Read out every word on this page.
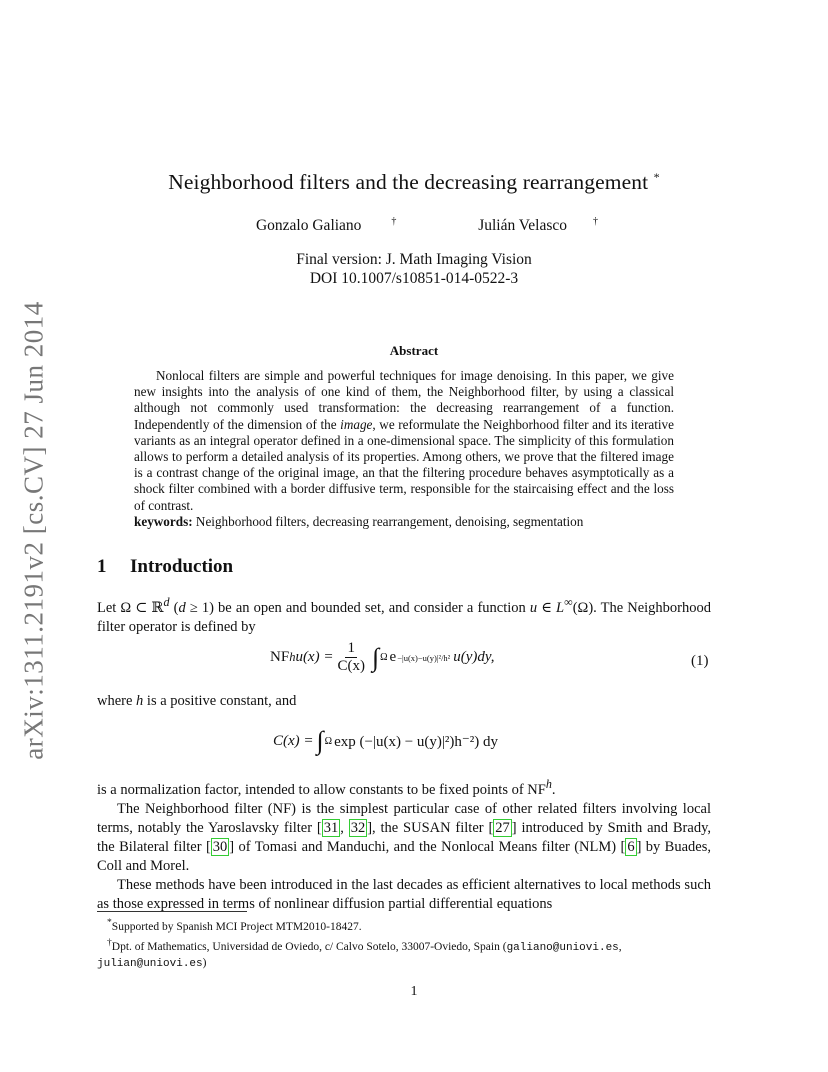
arXiv:1311.2191v2 [cs.CV] 27 Jun 2014
Neighborhood filters and the decreasing rearrangement *
Gonzalo Galiano	†	Julián Velasco	†
Final version: J. Math Imaging Vision
DOI 10.1007/s10851-014-0522-3
Abstract

Nonlocal filters are simple and powerful techniques for image denoising. In this paper, we give new insights into the analysis of one kind of them, the Neighborhood filter, by using a classical although not commonly used transformation: the decreasing rearrangement of a function. Independently of the dimension of the image, we reformulate the Neighborhood filter and its iterative variants as an integral operator defined in a one-dimensional space. The simplicity of this formulation allows to perform a detailed analysis of its properties. Among others, we prove that the filtered image is a contrast change of the original image, an that the filtering procedure behaves asymptotically as a shock filter combined with a border diffusive term, responsible for the staircaising effect and the loss of contrast.

keywords: Neighborhood filters, decreasing rearrangement, denoising, segmentation

1 Introduction

Let Ω ⊂ ℝ$^d$ (d ≥ 1) be an open and bounded set, and consider a function u ∈ L∞(Ω). The Neighborhood filter operator is defined by

NF h $u(x) = \frac{1}{C(x)}$ ∫ Ω e −|u(x)−u(y)|²/h² u(y)dy,	(1)

where h is a positive constant, and

C(x) = ∫ Ω exp (−|u(x) − u(y)|²)h⁻²) dy

is a normalization factor, intended to allow constants to be fixed points of $NF^h$.

The Neighborhood filter (NF) is the simplest particular case of other related filters involving local terms, notably the Yaroslavsky filter [ 31 , 32 ], the SUSAN filter [ 27 ] introduced by Smith and Brady, the Bilateral filter [ 30 ] of Tomasi and Manduchi, and the Nonlocal Means filter (NLM) [ 6 ] by Buades, Coll and Morel.

These methods have been introduced in the last decades as efficient alternatives to local methods such as those expressed in terms of nonlinear diffusion partial differential equations

*Supported by Spanish MCI Project MTM2010-18427.

†Dpt. of Mathematics, Universidad de Oviedo, c/ Calvo Sotelo, 33007-Oviedo, Spain (galiano@uniovi.es, julian@uniovi.es)

1
